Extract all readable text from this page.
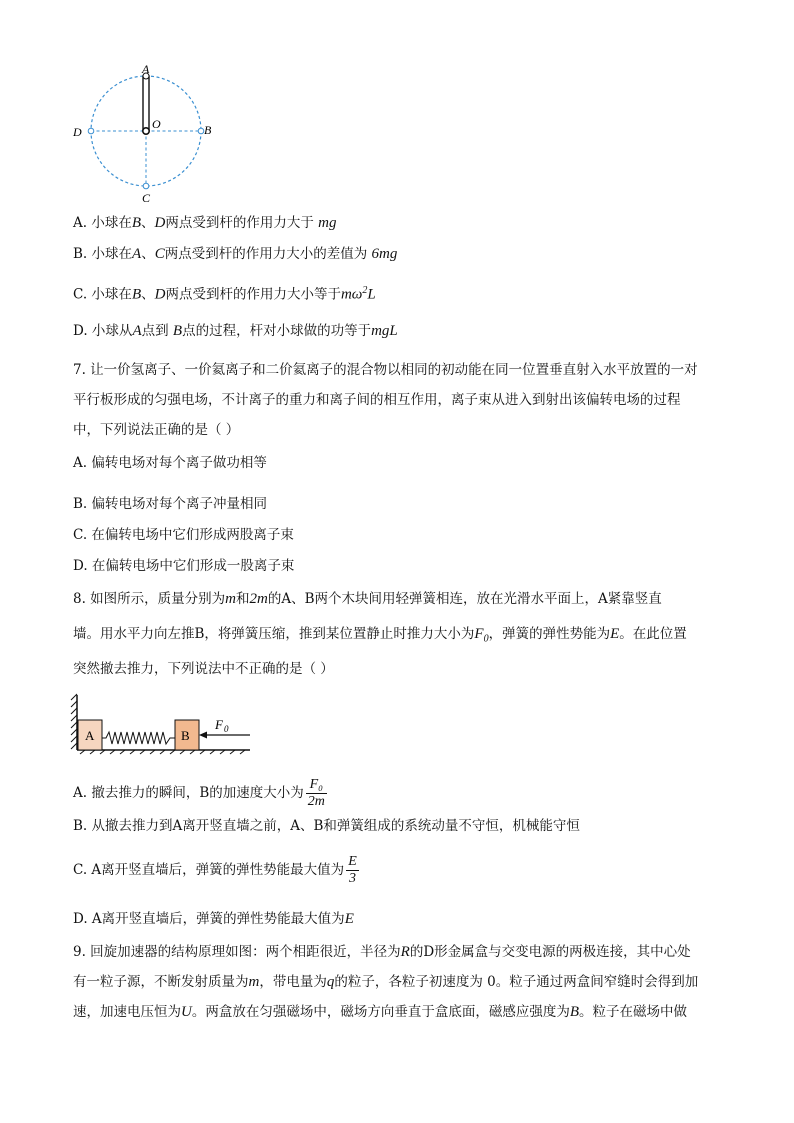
A
O
D	B
C
A. 小球在B、D两点受到杆的作用力大于 mg
B. 小球在A、C两点受到杆的作用力大小的差值为 6mg
C. 小球在B、D两点受到杆的作用力大小等于$m\omega^2L$
D. 小球从A点到 B点的过程，杆对小球做的功等于mgL
7. 让一价氢离子、一价氦离子和二价氦离子的混合物以相同的初动能在同一位置垂直射入水平放置的一对
平行板形成的匀强电场，不计离子的重力和离子间的相互作用，离子束从进入到射出该偏转电场的过程
中，下列说法正确的是（ ）
A. 偏转电场对每个离子做功相等
B. 偏转电场对每个离子冲量相同
C. 在偏转电场中它们形成两股离子束
D. 在偏转电场中它们形成一股离子束
8. 如图所示，质量分别为m和2m的A、B两个木块间用轻弹簧相连，放在光滑水平面上，A紧靠竖直
墙。用水平力向左推B，将弹簧压缩，推到某位置静止时推力大小为$F_0$，弹簧的弹性势能为E。在此位置
突然撤去推力，下列说法中不正确的是（ ）
A	B
F 0
A. 撤去推力的瞬间，B的加速度大小为 $\frac{\text{F₀}}{2m}$
B. 从撤去推力到A离开竖直墙之前，A、B和弹簧组成的系统动量不守恒，机械能守恒
C. A离开竖直墙后，弹簧的弹性势能最大值为 $\frac{E}{3}$
D. A离开竖直墙后，弹簧的弹性势能最大值为E
9. 回旋加速器的结构原理如图：两个相距很近，半径为R的D形金属盒与交变电源的两极连接，其中心处
有一粒子源，不断发射质量为m，带电量为q的粒子，各粒子初速度为 0。粒子通过两盒间窄缝时会得到加
速，加速电压恒为U。两盒放在匀强磁场中，磁场方向垂直于盒底面，磁感应强度为B。粒子在磁场中做
